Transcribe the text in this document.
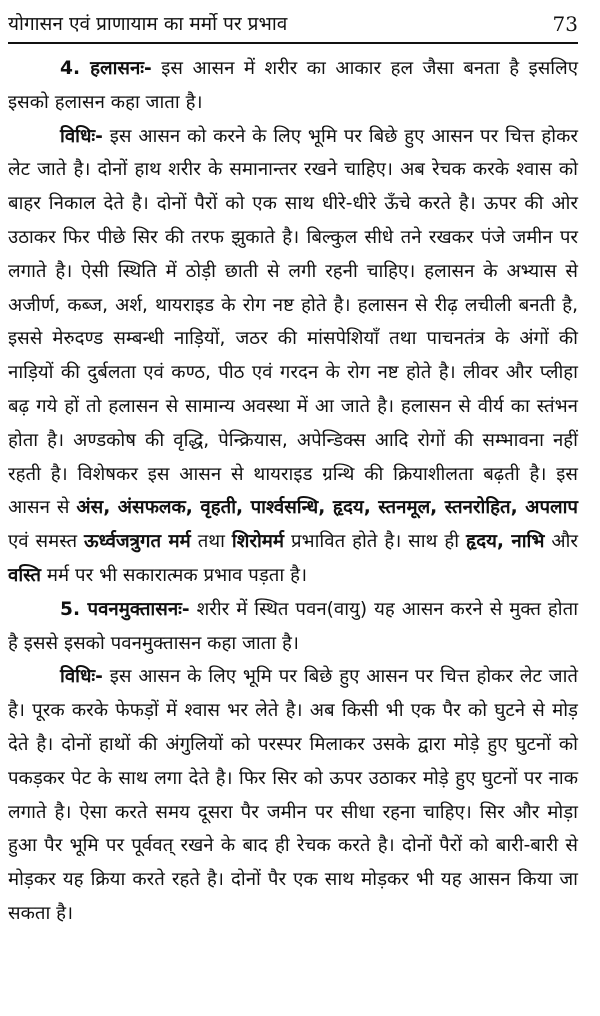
योगासन एवं प्राणायाम का मर्मो पर प्रभाव	73

4. हलासनः- इस आसन में शरीर का आकार हल जैसा बनता है इसलिए इसको हलासन कहा जाता है।

विधिः- इस आसन को करने के लिए भूमि पर बिछे हुए आसन पर चित्त होकर लेट जाते है। दोनों हाथ शरीर के समानान्तर रखने चाहिए। अब रेचक करके श्वास को बाहर निकाल देते है। दोनों पैरों को एक साथ धीरे-धीरे ऊँचे करते है। ऊपर की ओर उठाकर फिर पीछे सिर की तरफ झुकाते है। बिल्कुल सीधे तने रखकर पंजे जमीन पर लगाते है। ऐसी स्थिति में ठोड़ी छाती से लगी रहनी चाहिए। हलासन के अभ्यास से अजीर्ण, कब्ज, अर्श, थायराइड के रोग नष्ट होते है। हलासन से रीढ़ लचीली बनती है, इससे मेरुदण्ड सम्बन्धी नाड़ियों, जठर की मांसपेशियाँ तथा पाचनतंत्र के अंगों की नाड़ियों की दुर्बलता एवं कण्ठ, पीठ एवं गरदन के रोग नष्ट होते है। लीवर और प्लीहा बढ़ गये हों तो हलासन से सामान्य अवस्था में आ जाते है। हलासन से वीर्य का स्तंभन होता है। अण्डकोष की वृद्धि, पेन्क्रियास, अपेन्डिक्स आदि रोगों की सम्भावना नहीं रहती है। विशेषकर इस आसन से थायराइड ग्रन्थि की क्रियाशीलता बढ़ती है। इस आसन से अंस, अंसफलक, वृहती, पार्श्वसन्धि, हृदय, स्तनमूल, स्तनरोहित, अपलाप एवं समस्त ऊर्ध्वजत्रुगत मर्म तथा शिरोमर्म प्रभावित होते है। साथ ही हृदय, नाभि और वस्ति मर्म पर भी सकारात्मक प्रभाव पड़ता है।

5. पवनमुक्तासनः- शरीर में स्थित पवन(वायु) यह आसन करने से मुक्त होता है इससे इसको पवनमुक्तासन कहा जाता है।

विधिः- इस आसन के लिए भूमि पर बिछे हुए आसन पर चित्त होकर लेट जाते है। पूरक करके फेफड़ों में श्वास भर लेते है। अब किसी भी एक पैर को घुटने से मोड़ देते है। दोनों हाथों की अंगुलियों को परस्पर मिलाकर उसके द्वारा मोड़े हुए घुटनों को पकड़कर पेट के साथ लगा देते है। फिर सिर को ऊपर उठाकर मोड़े हुए घुटनों पर नाक लगाते है। ऐसा करते समय दूसरा पैर जमीन पर सीधा रहना चाहिए। सिर और मोड़ा हुआ पैर भूमि पर पूर्ववत् रखने के बाद ही रेचक करते है। दोनों पैरों को बारी-बारी से मोड़कर यह क्रिया करते रहते है। दोनों पैर एक साथ मोड़कर भी यह आसन किया जा सकता है।
